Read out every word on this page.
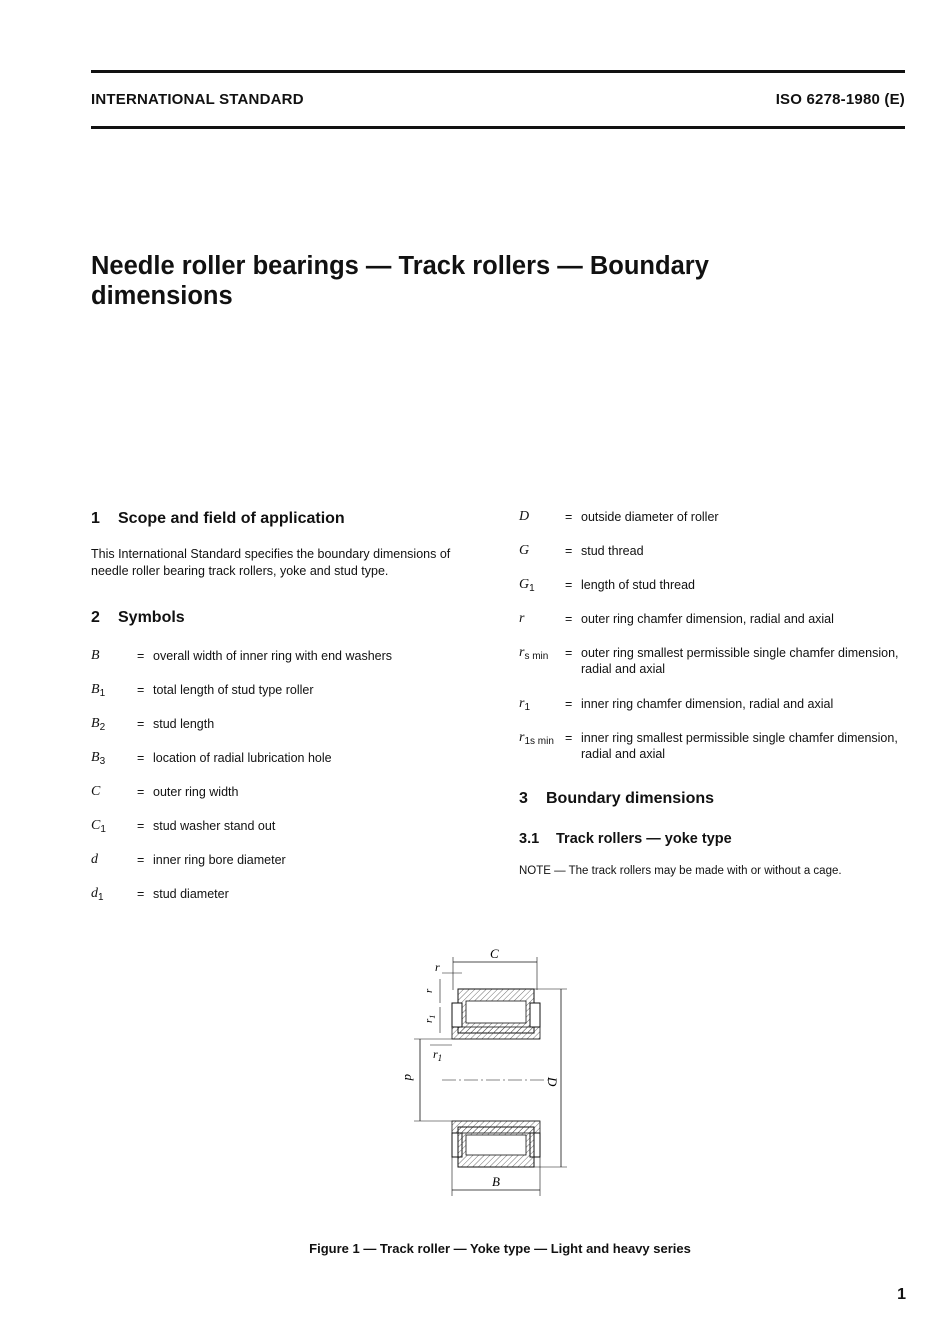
INTERNATIONAL STANDARD	ISO 6278-1980 (E)
Needle roller bearings — Track rollers — Boundary
dimensions
1 Scope and field of application

This International Standard specifies the boundary dimensions of needle roller bearing track rollers, yoke and stud type.

2 Symbols
B	= overall width of inner ring with end washers
$B_1$	= total length of stud type roller
$B_2$	= stud length
$B_3$	= location of radial lubrication hole
C	= outer ring width
$C_1$	= stud washer stand out
d	= inner ring bore diameter
$d_1$	= stud diameter
D	= outside diameter of roller
G	= stud thread
$G_1$	= length of stud thread
r	= outer ring chamfer dimension, radial and axial
$r_{s min}$	= outer ring smallest permissible single chamfer dimension, radial and axial
$r_1$	= inner ring chamfer dimension, radial and axial
$r_{1s min}$ = inner ring smallest permissible single chamfer dimension, radial and axial
3 Boundary dimensions
3.1 Track rollers — yoke type

NOTE — The track rollers may be made with or without a cage.

C
r
r
$r_1$
$r_1$
d	D
B
Figure 1 — Track roller — Yoke type — Light and heavy series
1
